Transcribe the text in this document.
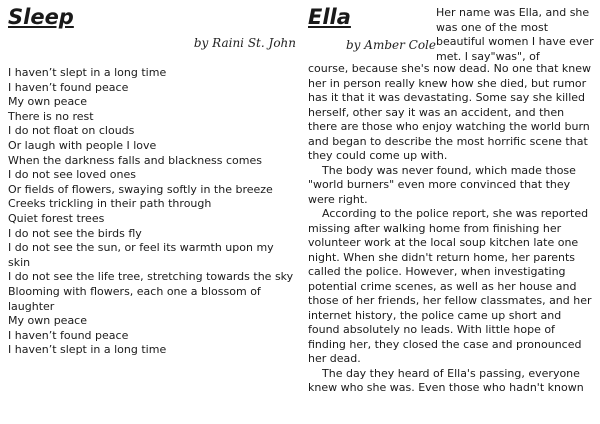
Sleep
by Raini St. John
I haven’t slept in a long time
I haven’t found peace
My own peace
There is no rest
I do not float on clouds
Or laugh with people I love
When the darkness falls and blackness comes
I do not see loved ones
Or fields of flowers, swaying softly in the breeze
Creeks trickling in their path through
Quiet forest trees
I do not see the birds fly
I do not see the sun, or feel its warmth upon my skin
I do not see the life tree, stretching towards the sky
Blooming with flowers, each one a blossom of laughter
My own peace
I haven’t found peace
I haven’t slept in a long time
Ella
by Amber Cole
Her name was Ella, and she was one of the most beautiful women I have ever met. I say"was", of

course, because she's now dead. No one that knew her in person really knew how she died, but rumor has it that it was devastating. Some say she killed herself, other say it was an accident, and then there are those who enjoy watching the world burn and began to describe the most horrific scene that they could come up with.

The body was never found, which made those "world burners" even more convinced that they were right.

According to the police report, she was reported missing after walking home from finishing her volunteer work at the local soup kitchen late one night. When she didn't return home, her parents called the police. However, when investigating potential crime scenes, as well as her house and those of her friends, her fellow classmates, and her internet history, the police came up short and found absolutely no leads. With little hope of finding her, they closed the case and pronounced her dead.

The day they heard of Ella's passing, everyone knew who she was. Even those who hadn't known
